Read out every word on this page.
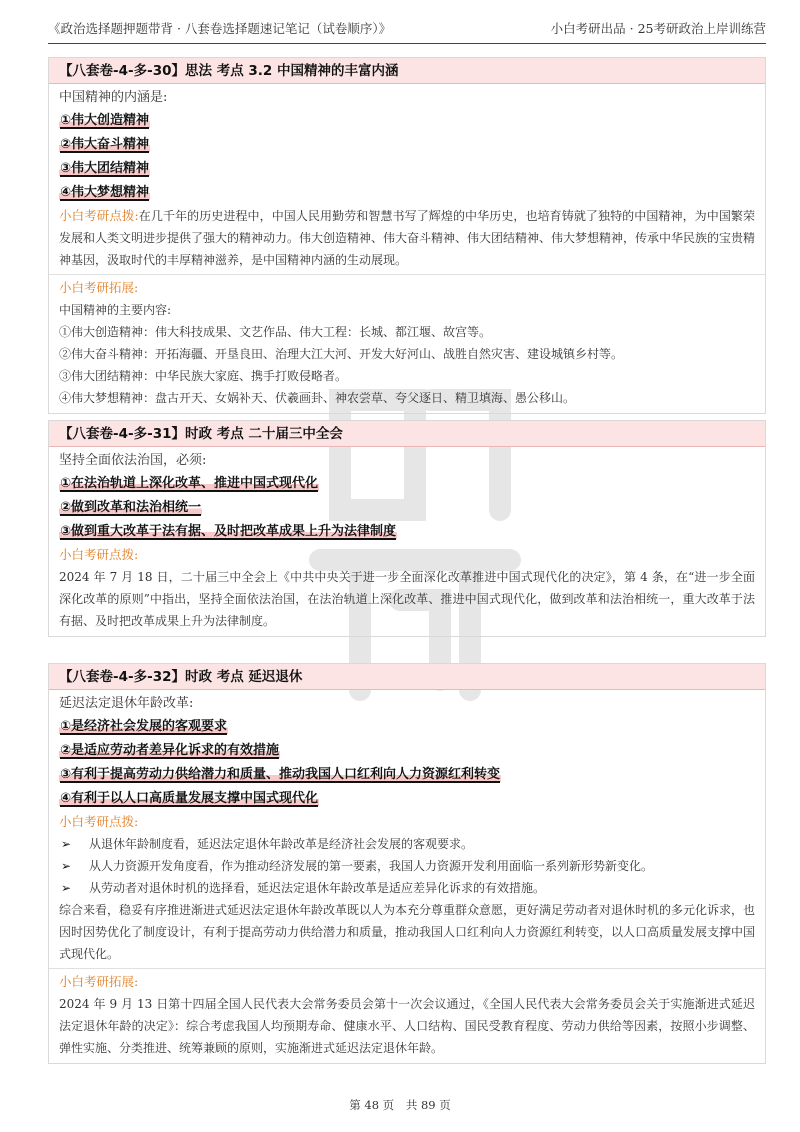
《政治选择题押题带背 · 八套卷选择题速记笔记（试卷顺序）》	小白考研出品 · 25考研政治上岸训练营
【八套卷-4-多-30】思法 考点 3.2 中国精神的丰富内涵
中国精神的内涵是:
①伟大创造精神
②伟大奋斗精神
③伟大团结精神
④伟大梦想精神
小白考研点拨:在几千年的历史进程中，中国人民用勤劳和智慧书写了辉煌的中华历史，也培育铸就了独特的中国精神，为中国繁荣发展和人类文明进步提供了强大的精神动力。伟大创造精神、伟大奋斗精神、伟大团结精神、伟大梦想精神，传承中华民族的宝贵精神基因，汲取时代的丰厚精神滋养，是中国精神内涵的生动展现。
小白考研拓展:
中国精神的主要内容:
①伟大创造精神：伟大科技成果、文艺作品、伟大工程：长城、都江堰、故宫等。
②伟大奋斗精神：开拓海疆、开垦良田、治理大江大河、开发大好河山、战胜自然灾害、建设城镇乡村等。
③伟大团结精神：中华民族大家庭、携手打败侵略者。
④伟大梦想精神：盘古开天、女娲补天、伏羲画卦、神农尝草、夸父逐日、精卫填海、愚公移山。
【八套卷-4-多-31】时政 考点 二十届三中全会
坚持全面依法治国，必须:
①在法治轨道上深化改革、推进中国式现代化
②做到改革和法治相统一
③做到重大改革于法有据、及时把改革成果上升为法律制度
小白考研点拨:
2024 年 7 月 18 日，二十届三中全会上《中共中央关于进一步全面深化改革推进中国式现代化的决定》，第 4 条，在“进一步全面深化改革的原则”中指出，坚持全面依法治国，在法治轨道上深化改革、推进中国式现代化，做到改革和法治相统一，重大改革于法有据、及时把改革成果上升为法律制度。
【八套卷-4-多-32】时政 考点 延迟退休
延迟法定退休年龄改革:
①是经济社会发展的客观要求
②是适应劳动者差异化诉求的有效措施
③有利于提高劳动力供给潜力和质量、推动我国人口红利向人力资源红利转变
④有利于以人口高质量发展支撑中国式现代化
小白考研点拨:
➢ 从退休年龄制度看，延迟法定退休年龄改革是经济社会发展的客观要求。
➢ 从人力资源开发角度看，作为推动经济发展的第一要素，我国人力资源开发利用面临一系列新形势新变化。
➢ 从劳动者对退休时机的选择看，延迟法定退休年龄改革是适应差异化诉求的有效措施。
综合来看，稳妥有序推进渐进式延迟法定退休年龄改革既以人为本充分尊重群众意愿，更好满足劳动者对退休时机的多元化诉求，也因时因势优化了制度设计，有利于提高劳动力供给潜力和质量，推动我国人口红利向人力资源红利转变，以人口高质量发展支撑中国式现代化。
小白考研拓展:
2024 年 9 月 13 日第十四届全国人民代表大会常务委员会第十一次会议通过，《全国人民代表大会常务委员会关于实施渐进式延迟法定退休年龄的决定》：综合考虑我国人均预期寿命、健康水平、人口结构、国民受教育程度、劳动力供给等因素，按照小步调整、弹性实施、分类推进、统筹兼顾的原则，实施渐进式延迟法定退休年龄。
第 48 页 共 89 页
